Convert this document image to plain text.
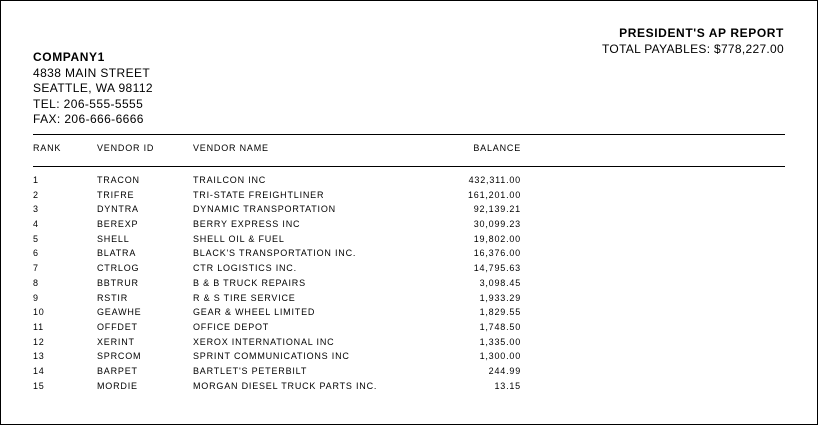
PRESIDENT'S AP REPORT
TOTAL PAYABLES: $778,227.00
COMPANY1
4838 MAIN STREET
SEATTLE, WA 98112
TEL: 206-555-5555
FAX: 206-666-6666
RANK	VENDOR ID	VENDOR NAME	BALANCE
1	TRACON	TRAILCON INC	432,311.00
2	TRIFRE	TRI-STATE FREIGHTLINER	161,201.00
3	DYNTRA	DYNAMIC TRANSPORTATION	92,139.21
4	BEREXP	BERRY EXPRESS INC	30,099.23
5	SHELL	SHELL OIL & FUEL	19,802.00
6	BLATRA	BLACK'S TRANSPORTATION INC.	16,376.00
7	CTRLOG	CTR LOGISTICS INC.	14,795.63
8	BBTRUR	B & B TRUCK REPAIRS	3,098.45
9	RSTIR	R & S TIRE SERVICE	1,933.29
10	GEAWHE	GEAR & WHEEL LIMITED	1,829.55
11	OFFDET	OFFICE DEPOT	1,748.50
12	XERINT	XEROX INTERNATIONAL INC	1,335.00
13	SPRCOM	SPRINT COMMUNICATIONS INC	1,300.00
14	BARPET	BARTLET'S PETERBILT	244.99
15	MORDIE	MORGAN DIESEL TRUCK PARTS INC.	13.15
